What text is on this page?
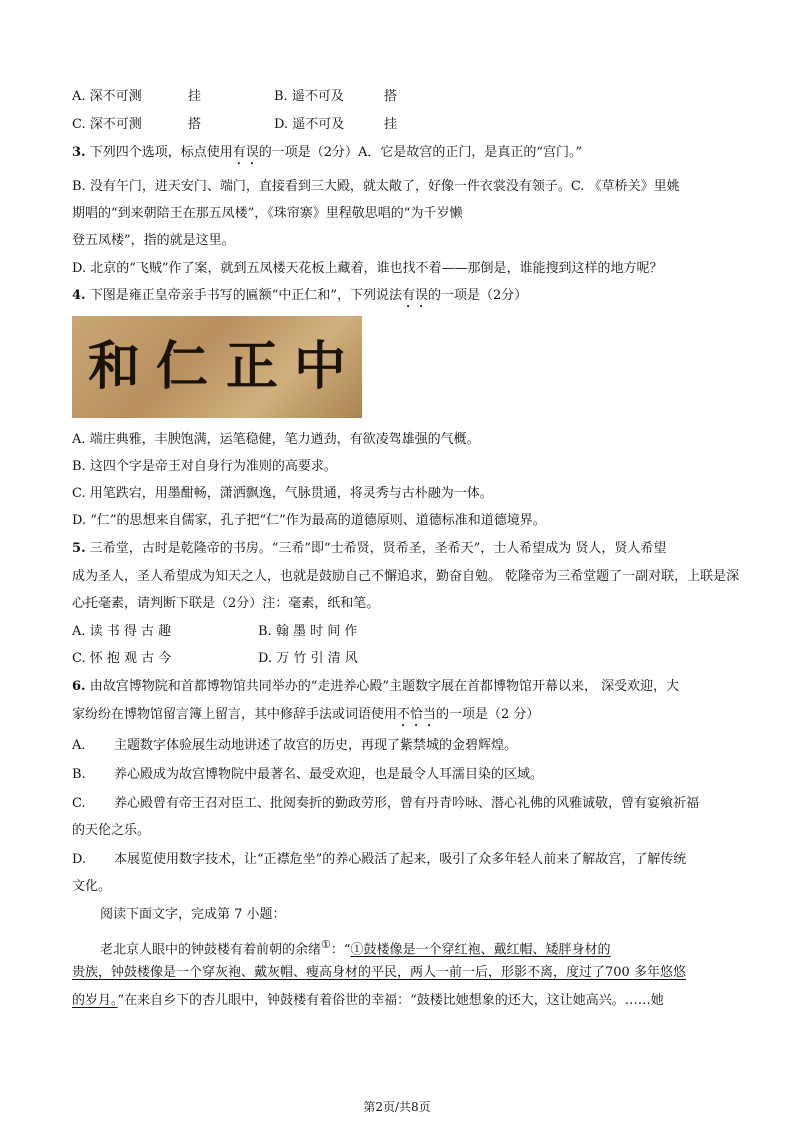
A. 深不可测	挂	B. 遥不可及	搭
C. 深不可测	搭	D. 遥不可及	挂
3. 下列四个选项，标点使用有误的一项是（2分）A．它是故宫的正门，是真正的“宫门。”
B. 没有午门，进天安门、端门，直接看到三大殿，就太敞了，好像一件衣裳没有领子。C. 《草桥关》里姚
期唱的“到来朝陪王在那五凤楼”，《珠帘寨》里程敬思唱的“为千岁懒
登五凤楼”，指的就是这里。
D. 北京的“飞贼”作了案，就到五凤楼天花板上藏着，谁也找不着——那倒是，谁能搜到这样的地方呢？
4. 下图是雍正皇帝亲手书写的匾额“中正仁和”，下列说法有误的一项是（2分）
和 仁 正 中
A. 端庄典雅，丰腴饱满，运笔稳健，笔力遒劲，有欲凌驾雄强的气概。
B. 这四个字是帝王对自身行为准则的高要求。
C. 用笔跌宕，用墨酣畅，潇洒飘逸，气脉贯通，将灵秀与古朴融为一体。
D. “仁”的思想来自儒家，孔子把“仁”作为最高的道德原则、道德标准和道德境界。
5. 三希堂，古时是乾隆帝的书房。“三希”即“士希贤，贤希圣，圣希天”，士人希望成为 贤人，贤人希望
成为圣人，圣人希望成为知天之人，也就是鼓励自己不懈追求，勤奋自勉。 乾隆帝为三希堂题了一副对联，上联是深
心托毫素，请判断下联是（2分）注：毫素，纸和笔。
A. 读 书 得 古 趣	B. 翰 墨 时 间 作
C. 怀 抱 观 古 今	D. 万 竹 引 清 风
6. 由故宫博物院和首都博物馆共同举办的“走进养心殿”主题数字展在首都博物馆开幕以来， 深受欢迎，大
家纷纷在博物馆留言簿上留言，其中修辞手法或词语使用不恰当的一项是（2 分）
A. 主题数字体验展生动地讲述了故宫的历史，再现了紫禁城的金碧辉煌。
B. 养心殿成为故宫博物院中最著名、最受欢迎，也是最令人耳濡目染的区域。
C. 养心殿曾有帝王召对臣工、批阅奏折的勤政劳形，曾有丹青吟咏、潜心礼佛的风雅诚敬，曾有宴飨祈福
的天伦之乐。
D. 本展览使用数字技术，让“正襟危坐”的养心殿活了起来，吸引了众多年轻人前来了解故宫，了解传统
文化。
阅读下面文字，完成第 7 小题：
老北京人眼中的钟鼓楼有着前朝的余绪①：“①鼓楼像是一个穿红袍、戴红帽、矮胖身材的
贵族，钟鼓楼像是一个穿灰袍、戴灰帽、瘦高身材的平民，两人一前一后，形影不离，度过了700 多年悠悠
的岁月。”在来自乡下的杏儿眼中，钟鼓楼有着俗世的幸福：“鼓楼比她想象的还大，这让她高兴。……她
第2页/共8页
